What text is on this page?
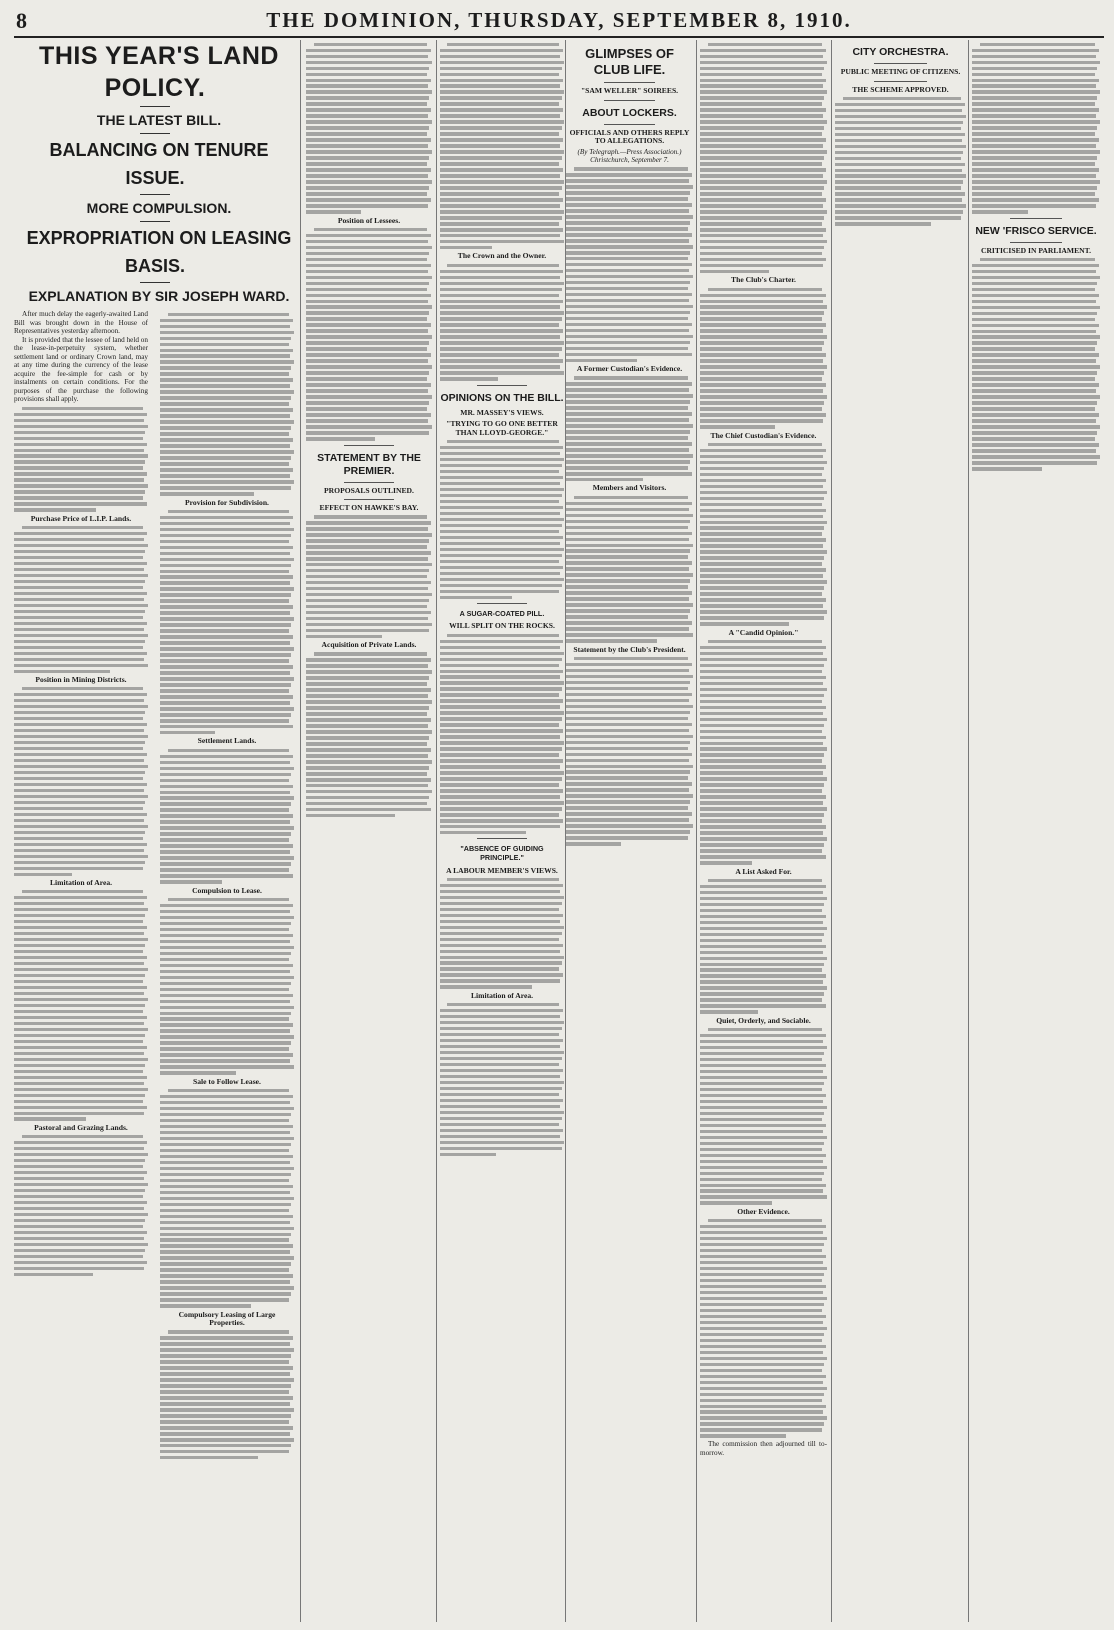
8	THE DOMINION, THURSDAY, SEPTEMBER 8, 1910.

THIS YEAR'S LAND POLICY.

THE LATEST BILL.

BALANCING ON TENURE ISSUE.

MORE COMPULSION.

EXPROPRIATION ON LEASING BASIS.

EXPLANATION BY SIR JOSEPH WARD.

After much delay the eagerly-awaited Land Bill was brought down in the House of Representatives yesterday afternoon.

It is provided that the lessee of land held on the lease-in-perpetuity system, whether settlement land or ordinary Crown land, may at any time during the currency of the lease acquire the fee-simple for cash or by instalments on certain conditions. For the purposes of the purchase the following provisions shall apply.

Purchase Price of L.I.P. Lands.

Position in Mining Districts.

Limitation of Area.

Pastoral and Grazing Lands.

Provision for Subdivision.

Settlement Lands.

Compulsion to Lease.

Sale to Follow Lease.

Compulsory Leasing of Large Properties.

Position of Lessees.

STATEMENT BY THE PREMIER.

PROPOSALS OUTLINED.

EFFECT ON HAWKE'S BAY.

Acquisition of Private Lands.

The Crown and the Owner.

OPINIONS ON THE BILL.

MR. MASSEY'S VIEWS.

"TRYING TO GO ONE BETTER THAN LLOYD-GEORGE."

A SUGAR-COATED PILL.

WILL SPLIT ON THE ROCKS.

"ABSENCE OF GUIDING PRINCIPLE."

A LABOUR MEMBER'S VIEWS.

Limitation of Area.

GLIMPSES OF CLUB LIFE.

"SAM WELLER" SOIREES.

ABOUT LOCKERS.

OFFICIALS AND OTHERS REPLY TO ALLEGATIONS.

(By Telegraph.—Press Association.) Christchurch, September 7.

A Former Custodian's Evidence.

Members and Visitors.

Statement by the Club's President.

The Club's Charter.

The Chief Custodian's Evidence.

A "Candid Opinion."

A List Asked For.

Quiet, Orderly, and Sociable.

Other Evidence.

The commission then adjourned till to-morrow.

CITY ORCHESTRA.

PUBLIC MEETING OF CITIZENS.

THE SCHEME APPROVED.

NEW 'FRISCO SERVICE.

CRITICISED IN PARLIAMENT.
